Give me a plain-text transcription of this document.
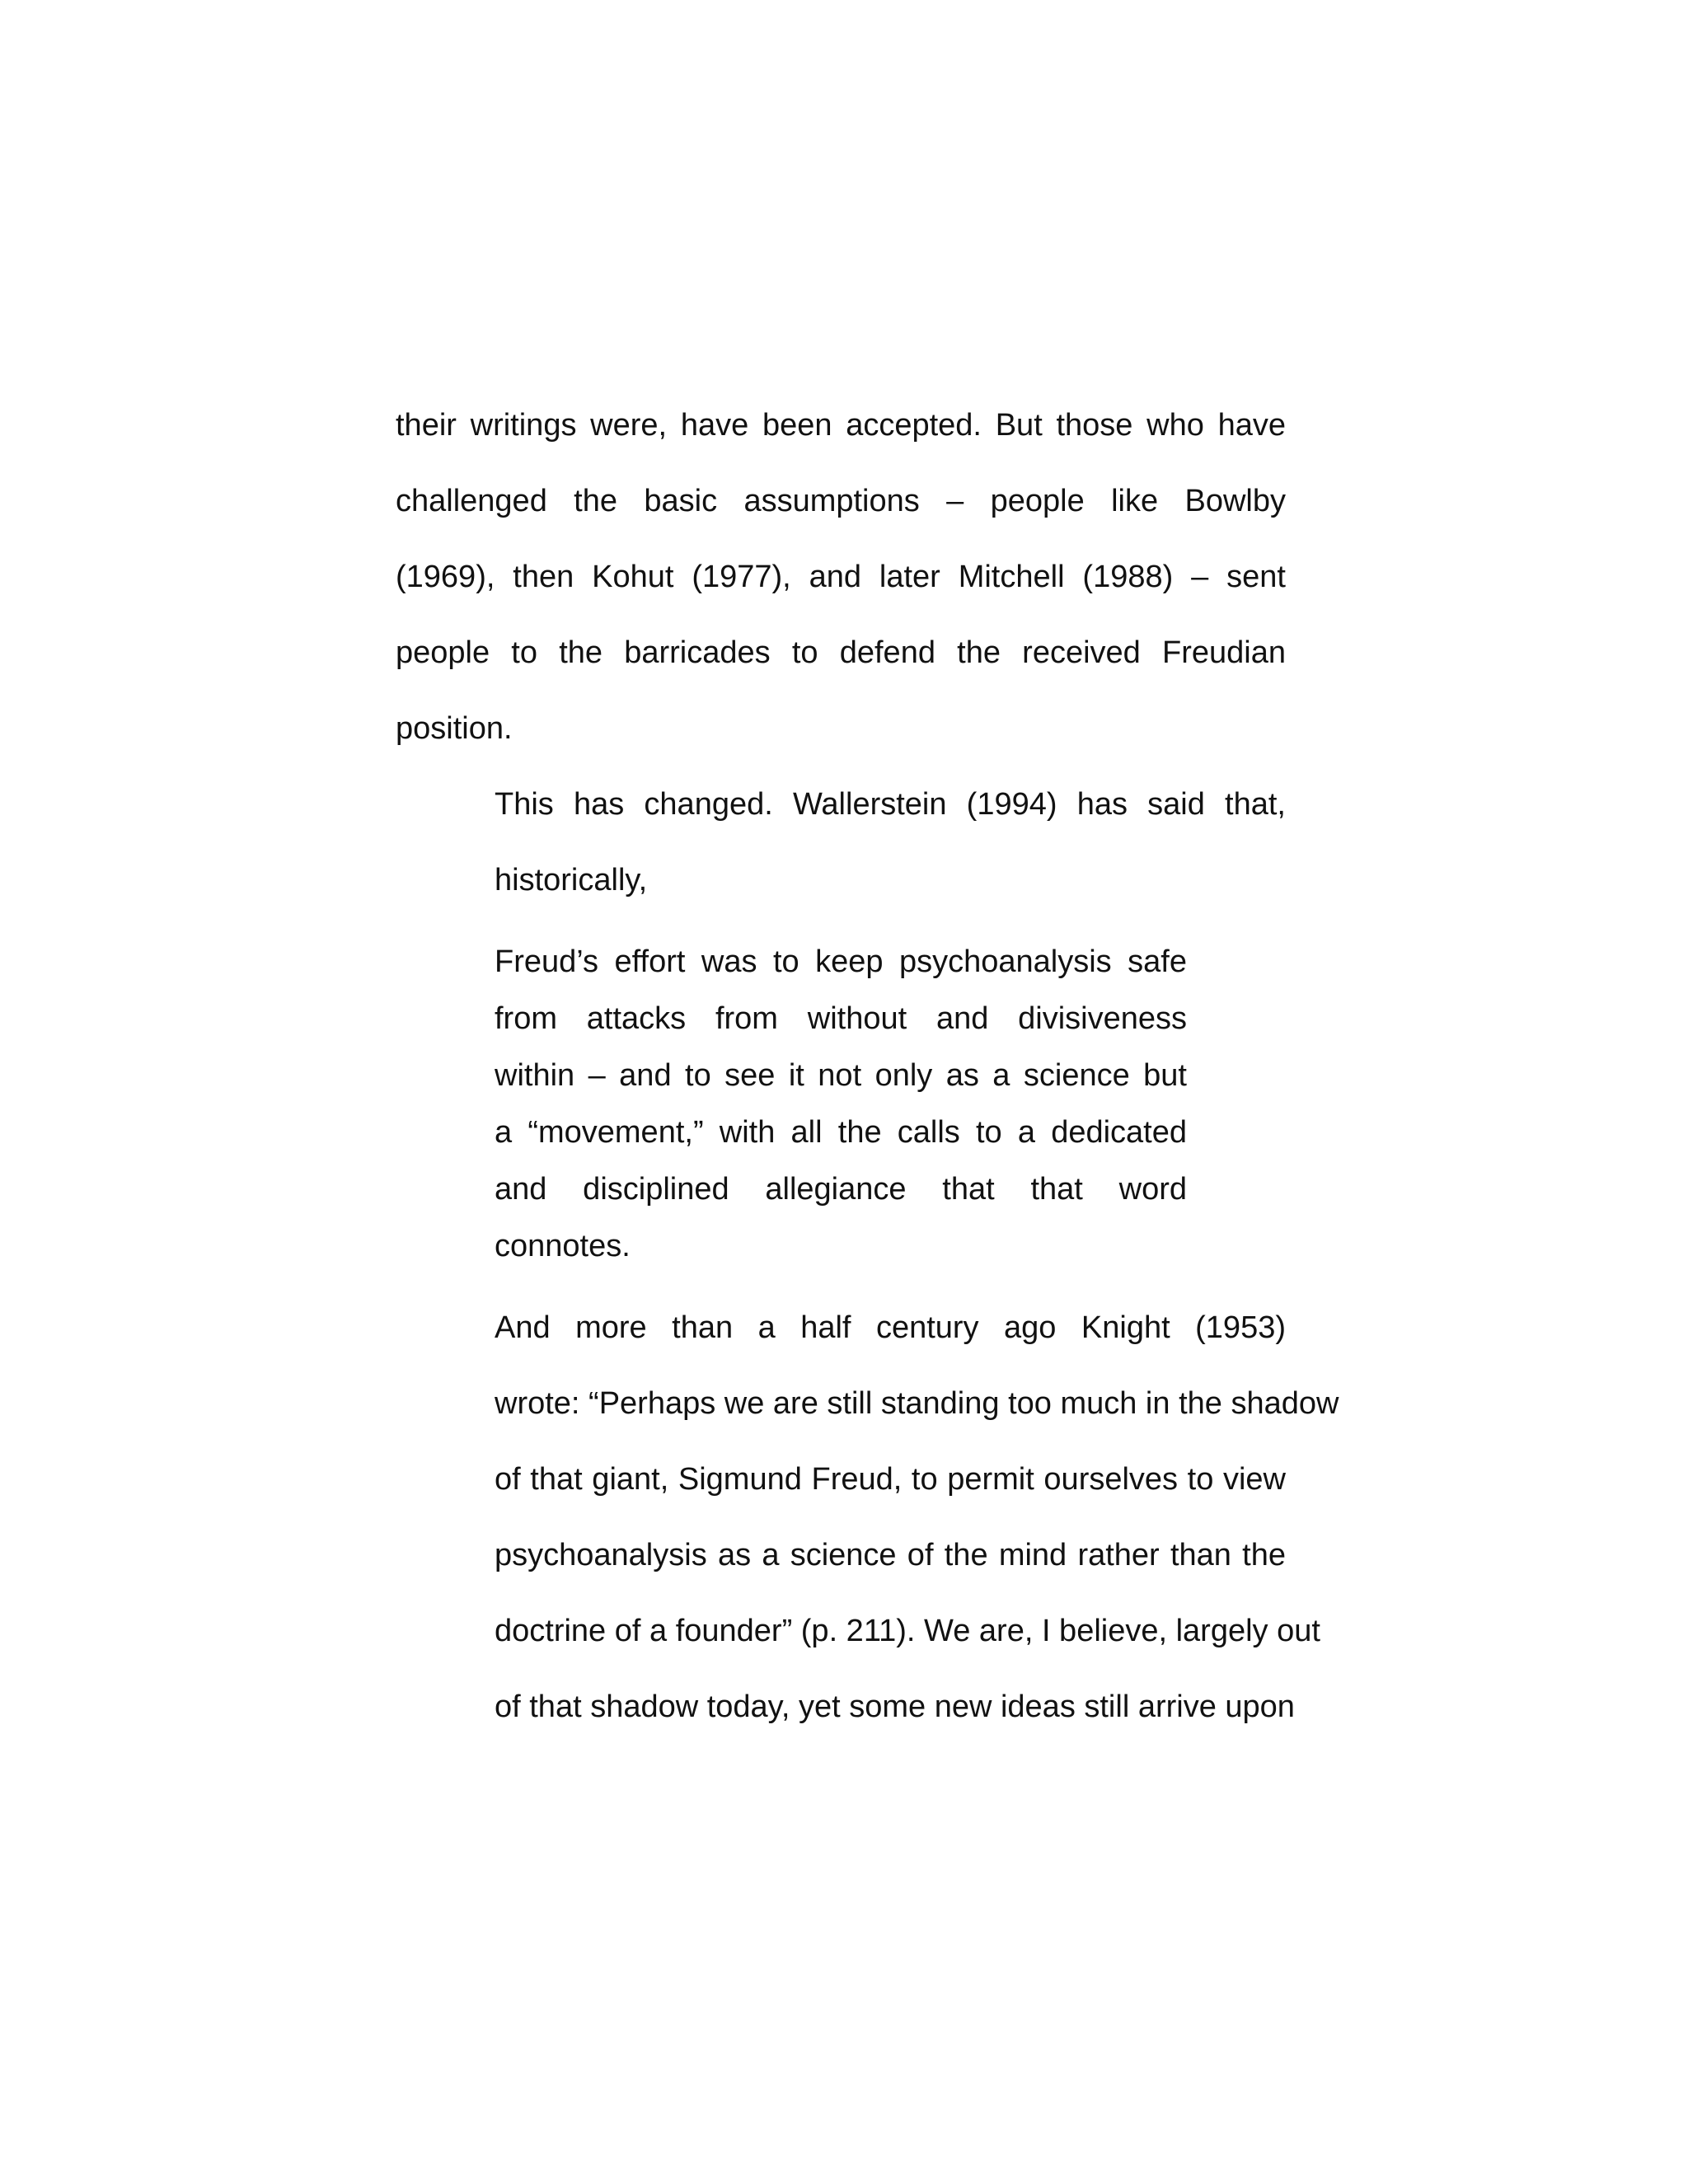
their writings were, have been accepted. But those who have
challenged the basic assumptions – people like Bowlby
(1969), then Kohut (1977), and later Mitchell (1988) – sent
people to the barricades to defend the received Freudian
position.
This has changed. Wallerstein (1994) has said that,
historically,
Freud’s effort was to keep psychoanalysis safe
from attacks from without and divisiveness
within – and to see it not only as a science but
a “movement,” with all the calls to a dedicated
and disciplined allegiance that that word
connotes.
And more than a half century ago Knight (1953)
wrote: “Perhaps we are still standing too much in the shadow
of that giant, Sigmund Freud, to permit ourselves to view
psychoanalysis as a science of the mind rather than the
doctrine of a founder” (p. 211). We are, I believe, largely out
of that shadow today, yet some new ideas still arrive upon
